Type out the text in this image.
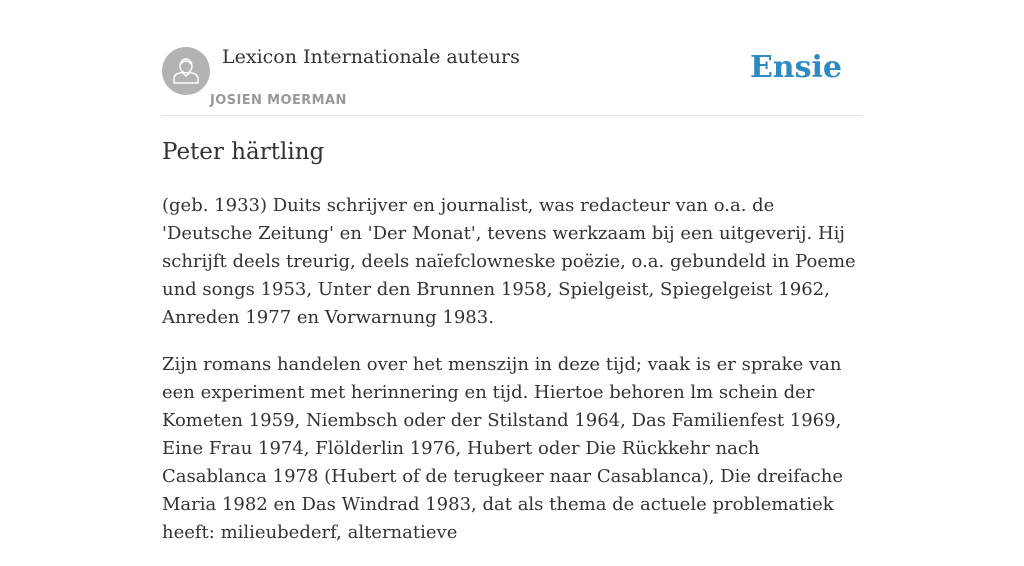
Lexicon Internationale auteurs
JOSIEN MOERMAN
Ensie
Peter härtling

(geb. 1933) Duits schrijver en journalist, was redacteur van o.a. de 'Deutsche Zeitung' en 'Der Monat', tevens werkzaam bij een uitgeverij. Hij schrijft deels treurig, deels naïefclowneske poëzie, o.a. gebundeld in Poeme und songs 1953, Unter den Brunnen 1958, Spielgeist, Spiegelgeist 1962, Anreden 1977 en Vorwarnung 1983.

Zijn romans handelen over het menszijn in deze tijd; vaak is er sprake van een experiment met herinnering en tijd. Hiertoe behoren lm schein der Kometen 1959, Niembsch oder der Stilstand 1964, Das Familienfest 1969, Eine Frau 1974, Flölderlin 1976, Hubert oder Die Rückkehr nach Casablanca 1978 (Hubert of de terugkeer naar Casablanca), Die dreifache Maria 1982 en Das Windrad 1983, dat als thema de actuele problematiek heeft: milieubederf, alternatieve
